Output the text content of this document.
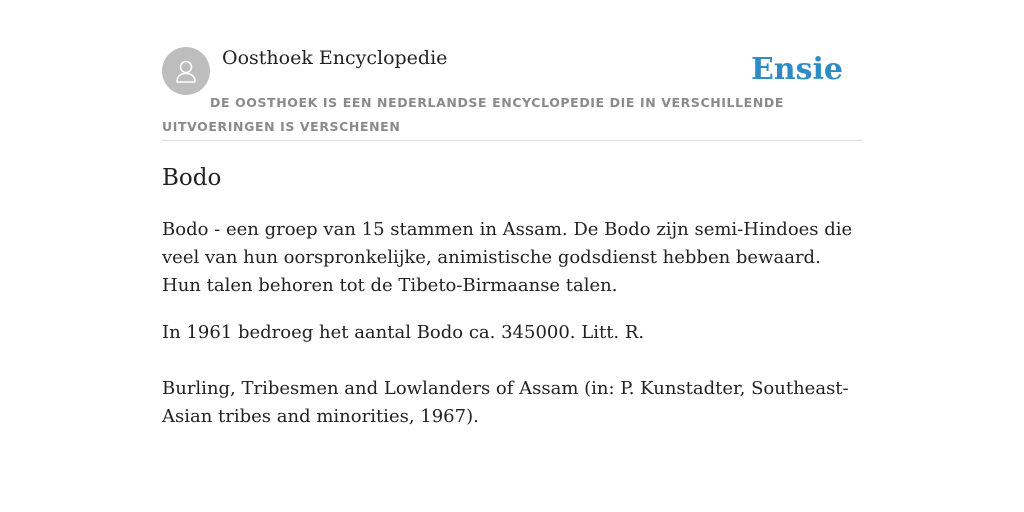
Oosthoek Encyclopedie	Ensie
DE OOSTHOEK IS EEN NEDERLANDSE ENCYCLOPEDIE DIE IN VERSCHILLENDE UITVOERINGEN IS VERSCHENEN
Bodo

Bodo - een groep van 15 stammen in Assam. De Bodo zijn semi-Hindoes die veel van hun oorspronkelijke, animistische godsdienst hebben bewaard. Hun talen behoren tot de Tibeto-Birmaanse talen.

In 1961 bedroeg het aantal Bodo ca. 345000. Litt. R.

Burling, Tribesmen and Lowlanders of Assam (in: P. Kunstadter, Southeast-Asian tribes and minorities, 1967).
